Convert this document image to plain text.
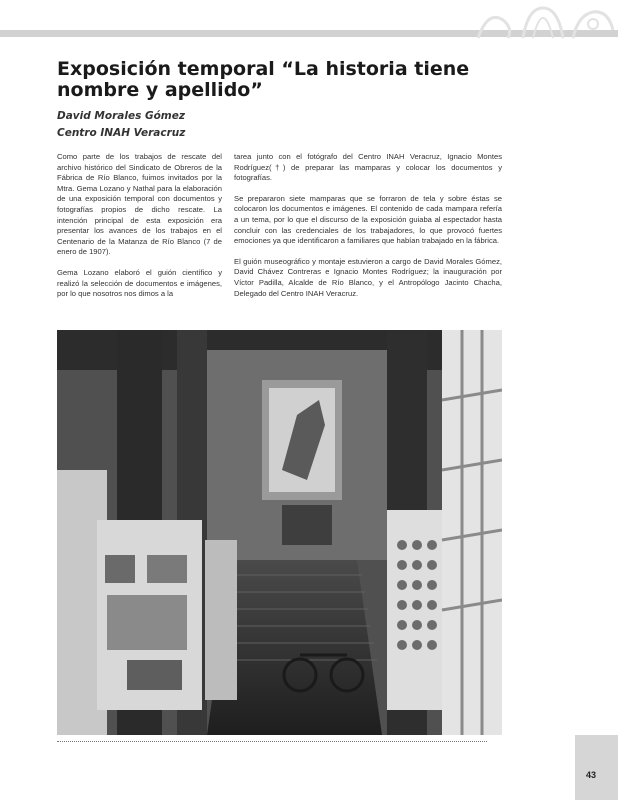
Exposición temporal “La historia tiene
nombre y apellido”
David Morales Gómez
Centro INAH Veracruz

Como parte de los trabajos de rescate del archivo histórico del Sindicato de Obreros de la Fábrica de Río Blanco, fuimos invitados por la Mtra. Gema Lozano y Nathal para la elaboración de una exposición temporal con documentos y fotografías propios de dicho rescate. La intención principal de esta exposición era presentar los avances de los trabajos en el Centenario de la Matanza de Río Blanco (7 de enero de 1907).

Gema Lozano elaboró el guión científico y realizó la selección de documentos e imágenes, por lo que nosotros nos dimos a la

tarea junto con el fotógrafo del Centro INAH Veracruz, Ignacio Montes Rodríguez(†) de preparar las mamparas y colocar los documentos y fotografías.

Se prepararon siete mamparas que se forraron de tela y sobre éstas se colocaron los documentos e imágenes. El contenido de cada mampara refería a un tema, por lo que el discurso de la exposición guiaba al espectador hasta concluir con las credenciales de los trabajadores, lo que provocó fuertes emociones ya que identificaron a familiares que habían trabajado en la fábrica.

El guión museográfico y montaje estuvieron a cargo de David Morales Gómez, David Chávez Contreras e Ignacio Montes Rodríguez; la inauguración por Víctor Padilla, Alcalde de Río Blanco, y el Antropólogo Jacinto Chacha, Delegado del Centro INAH Veracruz.

43
